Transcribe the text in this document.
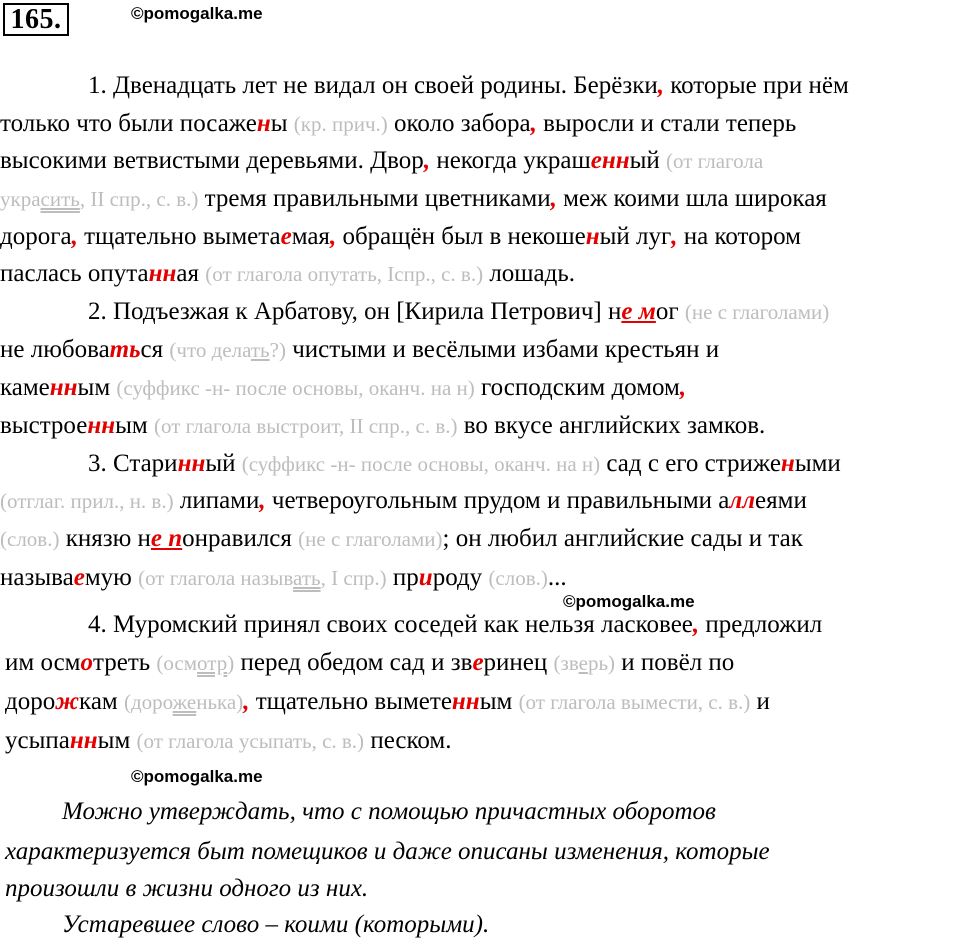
165.	©pomogalka.me
1. Двенадцать лет не видал он своей родины. Берёзки, которые при нём
только что были посажены (кр. прич.) около забора, выросли и стали теперь
высокими ветвистыми деревьями. Двор, некогда украшенный (от глагола
украсить, II спр., с. в.) тремя правильными цветниками, меж коими шла широкая
дорога, тщательно выметаемая, обращён был в некошеный луг, на котором
паслась опутанная (от глагола опутать, Iспр., с. в.) лошадь.
2. Подъезжая к Арбатову, он [Кирила Петрович] не мог (не с глаголами)
не любоваться (что делать?) чистыми и весёлыми избами крестьян и
каменным (суффикс -н- после основы, оканч. на н) господским домом,
выстроенным (от глагола выстроит, II спр., с. в.) во вкусе английских замков.
3. Старинный (суффикс -н- после основы, оканч. на н) сад с его стрижеными
(отглаг. прил., н. в.) липами, четвероугольным прудом и правильными аллеями
(слов.) князю не понравился (не с глаголами); он любил английские сады и так
называемую (от глагола называть, I спр.) природу (слов.)...
©pomogalka.me
4. Муромский принял своих соседей как нельзя ласковее, предложил
им осмотреть (осмотр) перед обедом сад и зверинец (зверь) и повёл по
дорожкам (дороженька), тщательно выметенным (от глагола вымести, с. в.) и
усыпанным (от глагола усыпать, с. в.) песком.
©pomogalka.me
Можно утверждать, что с помощью причастных оборотов
характеризуется быт помещиков и даже описаны изменения, которые
произошли в жизни одного из них.
Устаревшее слово – коими (которыми).
